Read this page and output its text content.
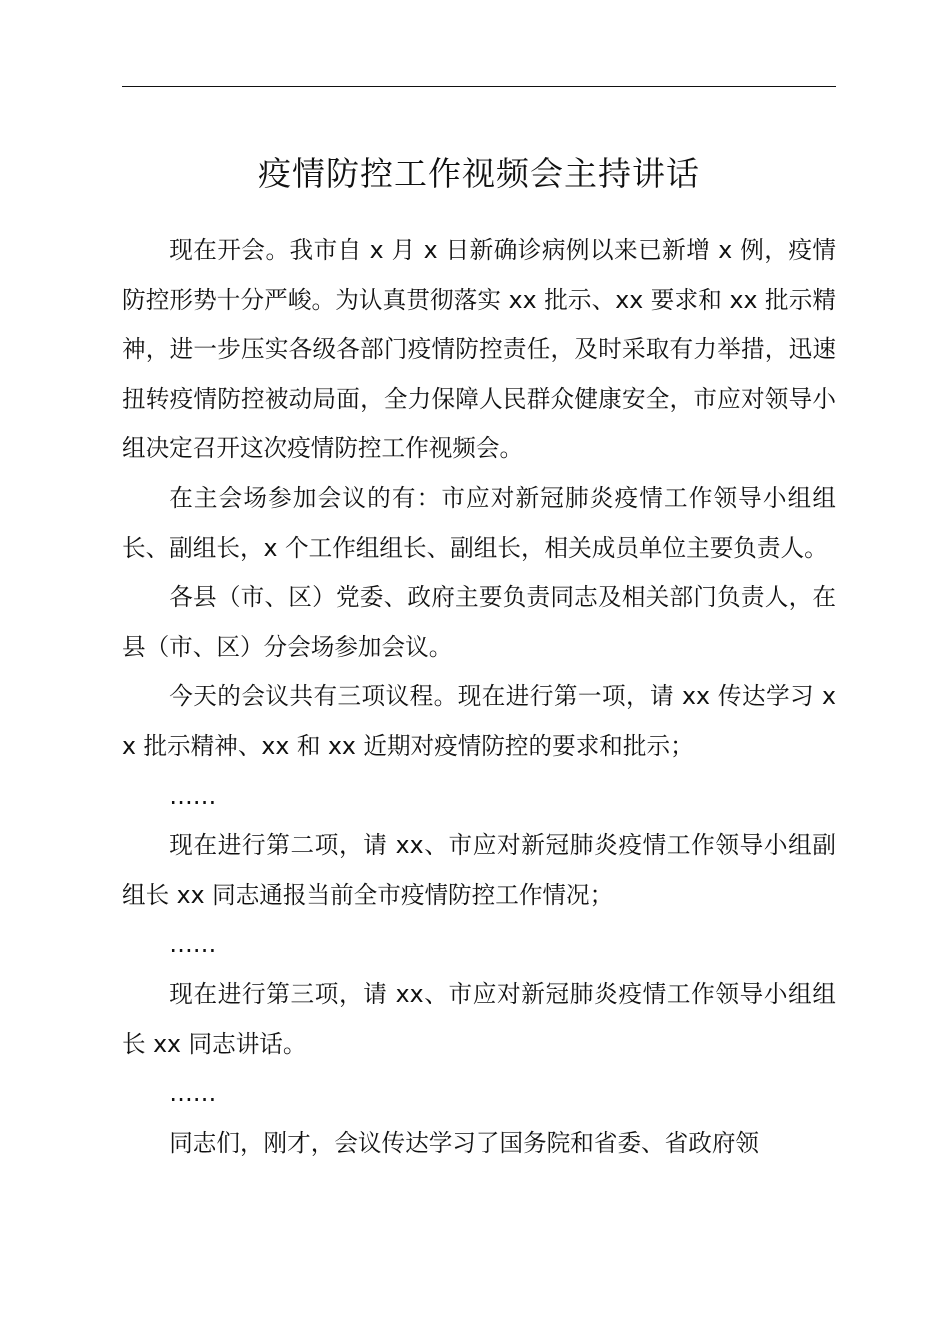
疫情防控工作视频会主持讲话

现在开会。我市自 x 月 x 日新确诊病例以来已新增 x 例，疫情防控形势十分严峻。为认真贯彻落实 xx 批示、xx 要求和 xx 批示精神，进一步压实各级各部门疫情防控责任，及时采取有力举措，迅速扭转疫情防控被动局面，全力保障人民群众健康安全，市应对领导小组决定召开这次疫情防控工作视频会。

在主会场参加会议的有：市应对新冠肺炎疫情工作领导小组组长、副组长，x 个工作组组长、副组长，相关成员单位主要负责人。

各县（市、区）党委、政府主要负责同志及相关部门负责人，在县（市、区）分会场参加会议。

今天的会议共有三项议程。现在进行第一项，请 xx 传达学习 xx 批示精神、xx 和 xx 近期对疫情防控的要求和批示；

……

现在进行第二项，请 xx、市应对新冠肺炎疫情工作领导小组副组长 xx 同志通报当前全市疫情防控工作情况；

……

现在进行第三项，请 xx、市应对新冠肺炎疫情工作领导小组组长 xx 同志讲话。

……

同志们，刚才，会议传达学习了国务院和省委、省政府领
